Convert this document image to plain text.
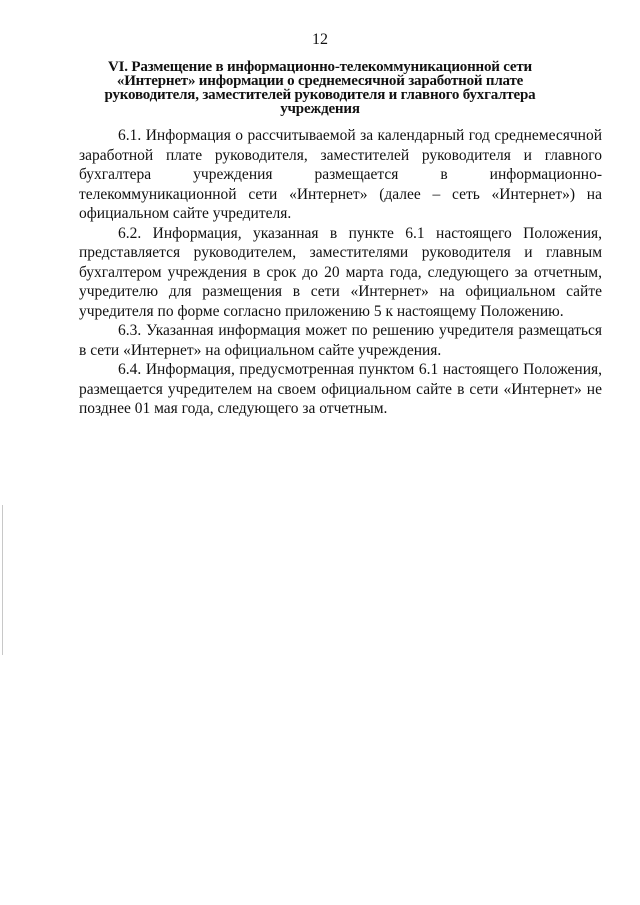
12
VI. Размещение в информационно-телекоммуникационной сети
«Интернет» информации о среднемесячной заработной плате
руководителя, заместителей руководителя и главного бухгалтера
учреждения

6.1. Информация о рассчитываемой за календарный год среднемесячной заработной плате руководителя, заместителей руководителя и главного бухгалтера учреждения размещается в информационно-телекоммуникационной сети «Интернет» (далее – сеть «Интернет») на официальном сайте учредителя.

6.2. Информация, указанная в пункте 6.1 настоящего Положения, представляется руководителем, заместителями руководителя и главным бухгалтером учреждения в срок до 20 марта года, следующего за отчетным, учредителю для размещения в сети «Интернет» на официальном сайте учредителя по форме согласно приложению 5 к настоящему Положению.

6.3. Указанная информация может по решению учредителя размещаться в сети «Интернет» на официальном сайте учреждения.

6.4. Информация, предусмотренная пунктом 6.1 настоящего Положения, размещается учредителем на своем официальном сайте в сети «Интернет» не позднее 01 мая года, следующего за отчетным.
